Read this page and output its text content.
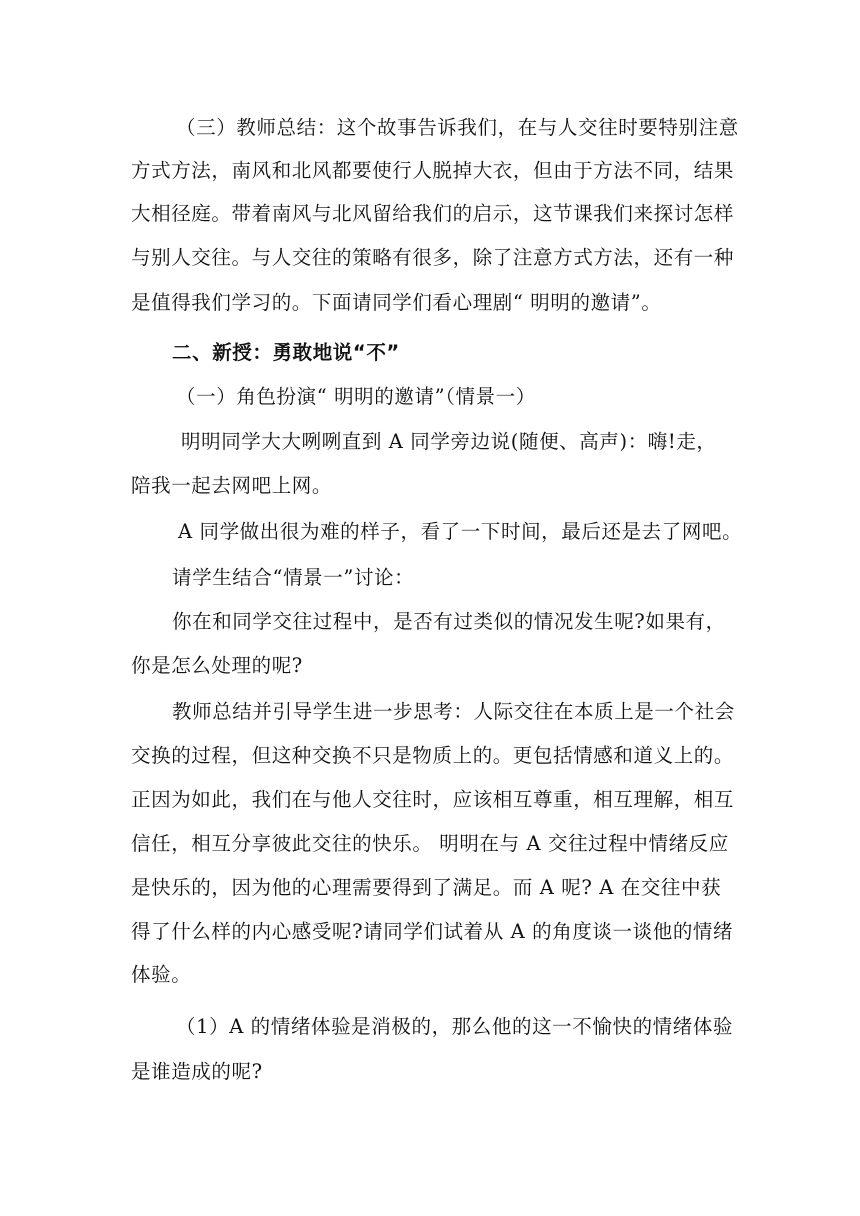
（三）教师总结：这个故事告诉我们，在与人交往时要特别注意
方式方法，南风和北风都要使行人脱掉大衣，但由于方法不同，结果
大相径庭。带着南风与北风留给我们的启示，这节课我们来探讨怎样
与别人交往。与人交往的策略有很多，除了注意方式方法，还有一种
是值得我们学习的。下面请同学们看心理剧“ 明明的邀请”。
二、新授：勇敢地说“不”
（一）角色扮演“ 明明的邀请”（情景一）
明明同学大大咧咧直到 A 同学旁边说(随便、高声)：嗨!走，
陪我一起去网吧上网。
A 同学做出很为难的样子，看了一下时间，最后还是去了网吧。
请学生结合“情景一”讨论：
你在和同学交往过程中，是否有过类似的情况发生呢?如果有，
你是怎么处理的呢?
教师总结并引导学生进一步思考：人际交往在本质上是一个社会
交换的过程，但这种交换不只是物质上的。更包括情感和道义上的。
正因为如此，我们在与他人交往时，应该相互尊重，相互理解，相互
信任，相互分享彼此交往的快乐。 明明在与 A 交往过程中情绪反应
是快乐的，因为他的心理需要得到了满足。而 A 呢? A 在交往中获
得了什么样的内心感受呢?请同学们试着从 A 的角度谈一谈他的情绪
体验。
（1）A 的情绪体验是消极的，那么他的这一不愉快的情绪体验
是谁造成的呢?
